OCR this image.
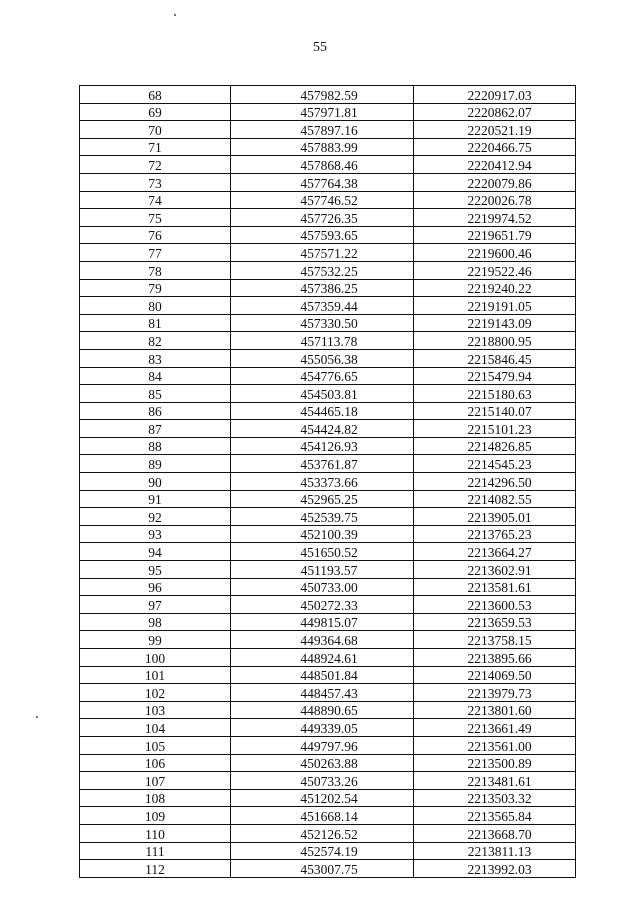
55
68	457982.59	2220917.03
69	457971.81	2220862.07
70	457897.16	2220521.19
71	457883.99	2220466.75
72	457868.46	2220412.94
73	457764.38	2220079.86
74	457746.52	2220026.78
75	457726.35	2219974.52
76	457593.65	2219651.79
77	457571.22	2219600.46
78	457532.25	2219522.46
79	457386.25	2219240.22
80	457359.44	2219191.05
81	457330.50	2219143.09
82	457113.78	2218800.95
83	455056.38	2215846.45
84	454776.65	2215479.94
85	454503.81	2215180.63
86	454465.18	2215140.07
87	454424.82	2215101.23
88	454126.93	2214826.85
89	453761.87	2214545.23
90	453373.66	2214296.50
91	452965.25	2214082.55
92	452539.75	2213905.01
93	452100.39	2213765.23
94	451650.52	2213664.27
95	451193.57	2213602.91
96	450733.00	2213581.61
97	450272.33	2213600.53
98	449815.07	2213659.53
99	449364.68	2213758.15
100	448924.61	2213895.66
101	448501.84	2214069.50
102	448457.43	2213979.73
103	448890.65	2213801.60
104	449339.05	2213661.49
105	449797.96	2213561.00
106	450263.88	2213500.89
107	450733.26	2213481.61
108	451202.54	2213503.32
109	451668.14	2213565.84
110	452126.52	2213668.70
111	452574.19	2213811.13
112	453007.75	2213992.03
